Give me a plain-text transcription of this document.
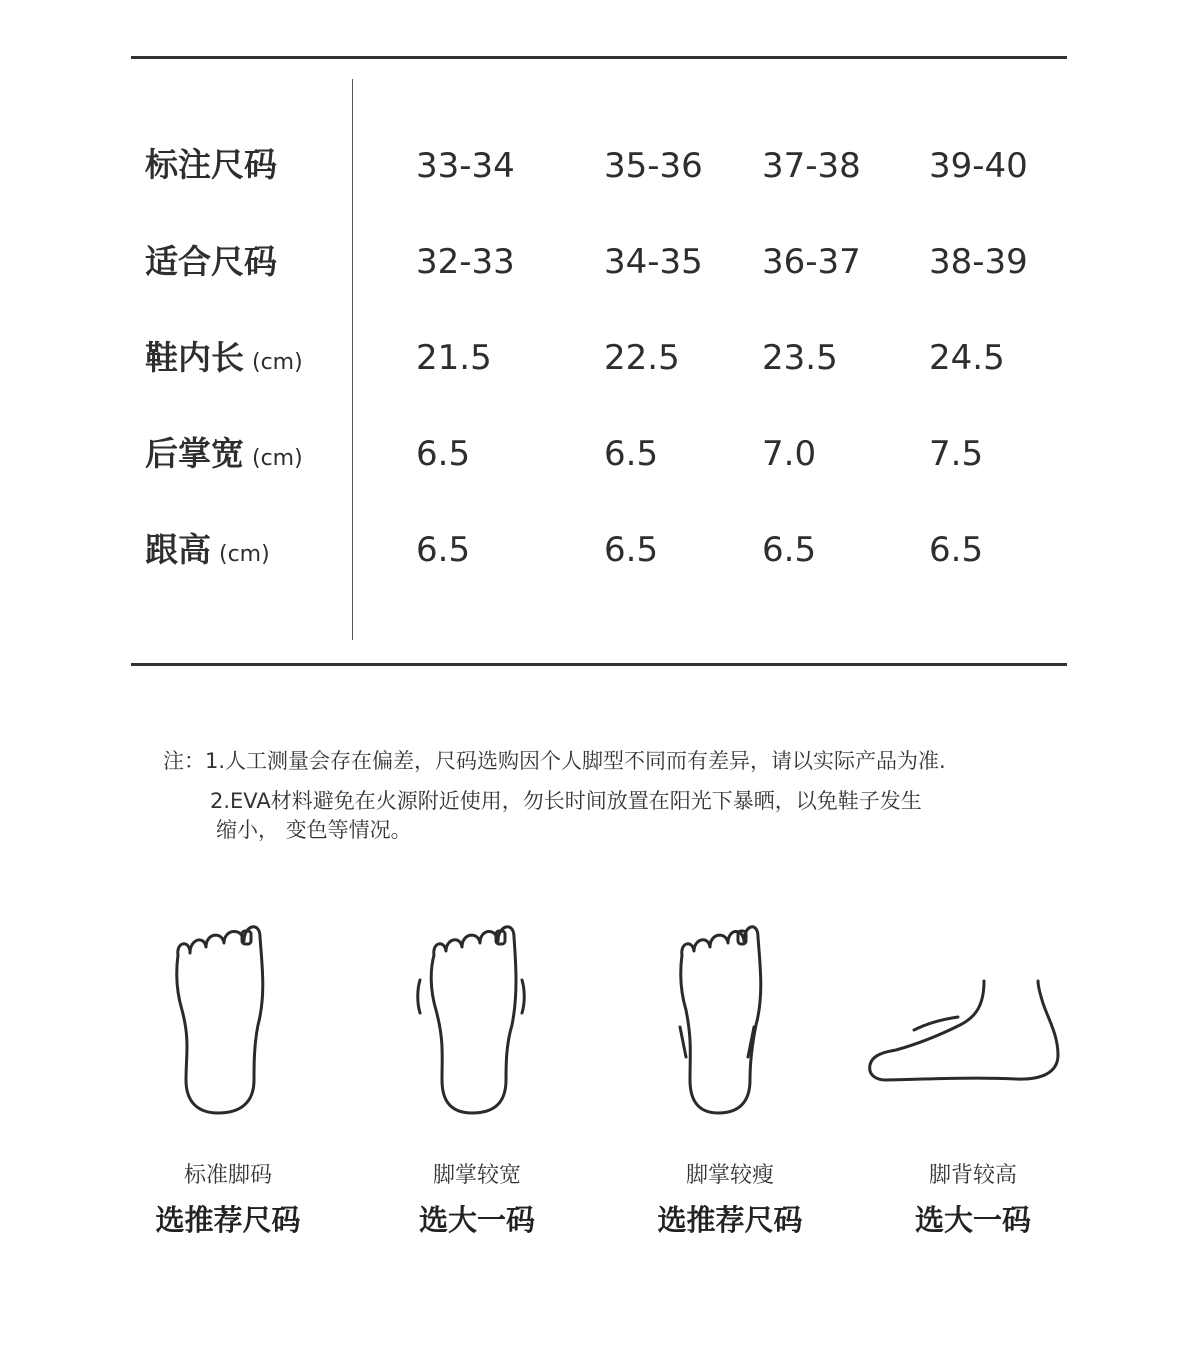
标注尺码	33-34	35-36 37-38 39-40
适合尺码	32-33	34-35 36-37 38-39
鞋内长 (cm)	21.5	22.5 23.5	24.5
后掌宽 (cm)	6.5	6.5	7.0	7.5
跟高 (cm)	6.5	6.5	6.5	6.5
注：1.人工测量会存在偏差，尺码选购因个人脚型不同而有差异，请以实际产品为准.
2.EVA材料避免在火源附近使用，勿长时间放置在阳光下暴晒，以免鞋子发生
缩小， 变色等情况。
标准脚码
选推荐尺码
脚掌较宽
选大一码
脚掌较瘦
选推荐尺码
脚背较高
选大一码
